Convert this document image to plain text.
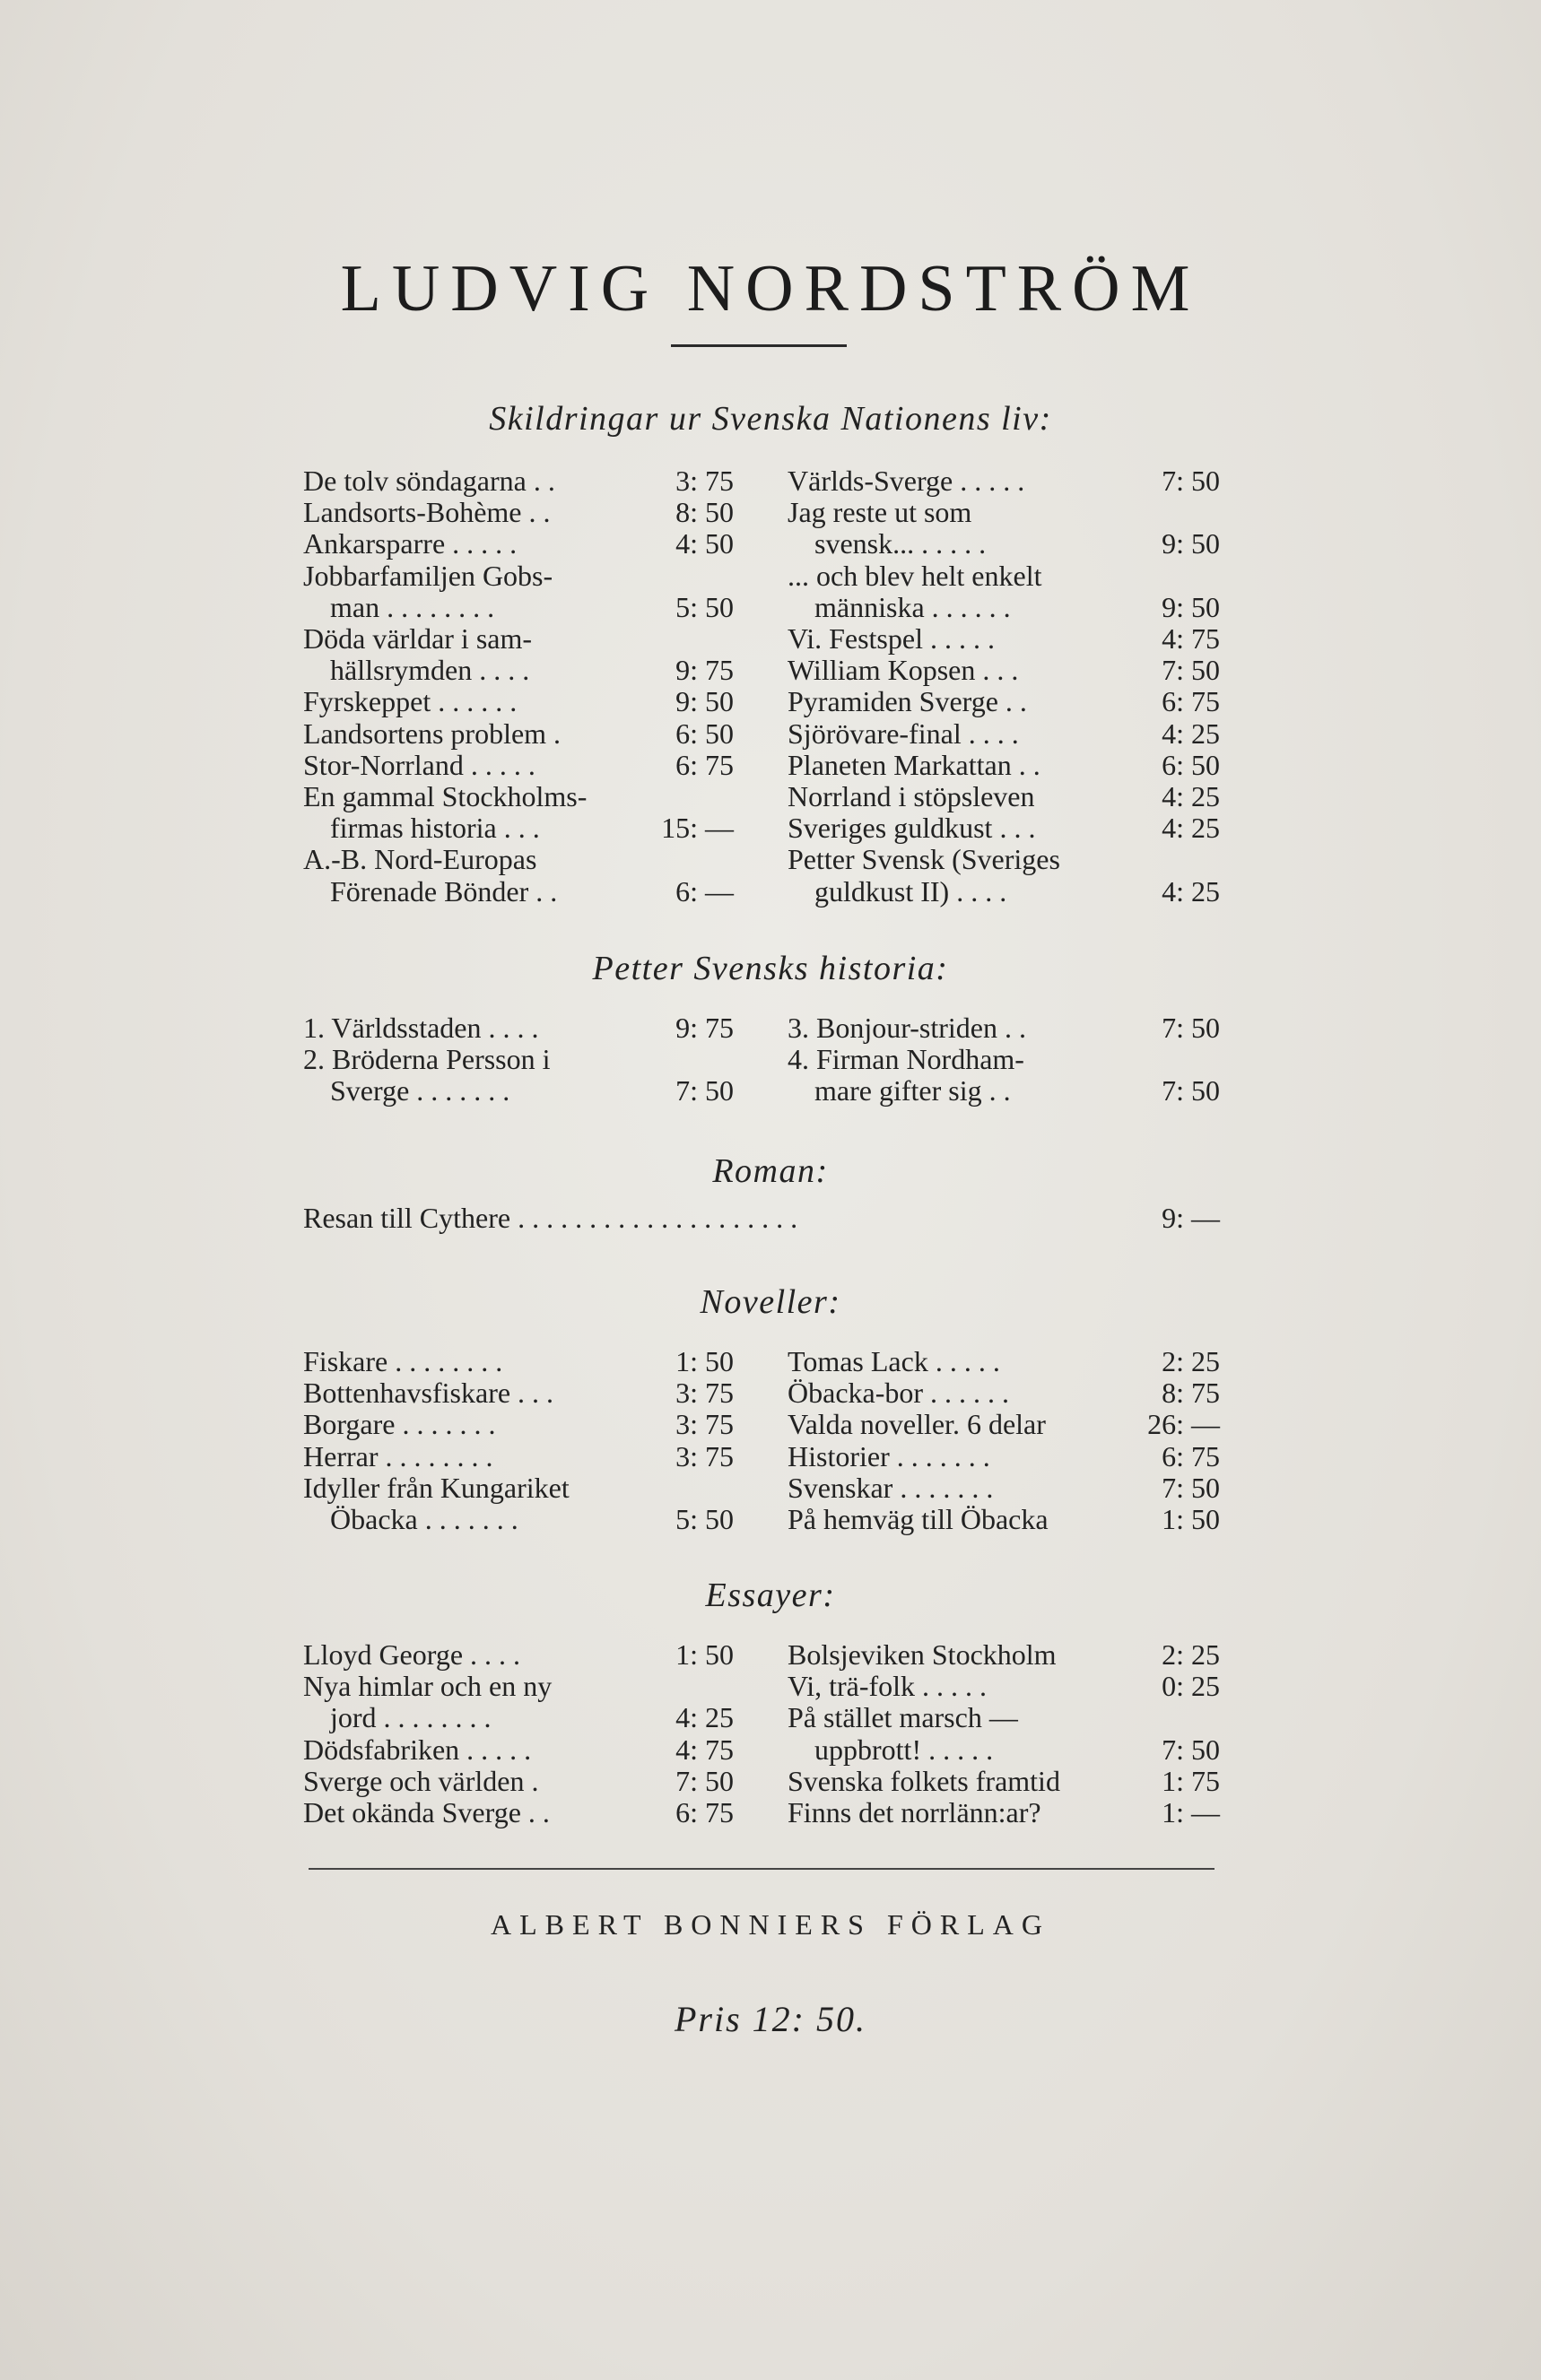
LUDVIG NORDSTRÖM
Skildringar ur Svenska Nationens liv:
De tolv söndagarna . .	3: 75
Landsorts-Bohème . .	8: 50
Ankarsparre . . . . .	4: 50
Jobbarfamiljen Gobs-
man . . . . . . . .	5: 50
Döda världar i sam-
hällsrymden . . . .	9: 75
Fyrskeppet . . . . . .	9: 50
Landsortens problem .	6: 50
Stor-Norrland . . . . .	6: 75
En gammal Stockholms-
firmas historia . . .	15: —
A.-B. Nord-Europas
Förenade Bönder . .	6: —
Världs-Sverge . . . . .	7: 50
Jag reste ut som
svensk... . . . . .	9: 50
... och blev helt enkelt
människa . . . . . .	9: 50
Vi. Festspel . . . . .	4: 75
William Kopsen . . .	7: 50
Pyramiden Sverge . .	6: 75
Sjörövare-final . . . .	4: 25
Planeten Markattan . .	6: 50
Norrland i stöpsleven	4: 25
Sveriges guldkust . . .	4: 25
Petter Svensk (Sveriges
guldkust II) . . . .	4: 25
Petter Svensks historia:
1. Världsstaden . . . .	9: 75
2. Bröderna Persson i
Sverge . . . . . . .	7: 50
3. Bonjour-striden . .	7: 50
4. Firman Nordham-
mare gifter sig . .	7: 50
Roman:
Resan till Cythere . . . . . . . . . . . . . . . . . . . .	9: —
Noveller:
Fiskare . . . . . . . .	1: 50
Bottenhavsfiskare . . .	3: 75
Borgare . . . . . . .	3: 75
Herrar . . . . . . . .	3: 75
Idyller från Kungariket
Öbacka . . . . . . .	5: 50
Tomas Lack . . . . .	2: 25
Öbacka-bor . . . . . .	8: 75
Valda noveller. 6 delar	26: —
Historier . . . . . . .	6: 75
Svenskar . . . . . . .	7: 50
På hemväg till Öbacka	1: 50
Essayer:
Lloyd George . . . .	1: 50
Nya himlar och en ny
jord . . . . . . . .	4: 25
Dödsfabriken . . . . .	4: 75
Sverge och världen .	7: 50
Det okända Sverge . .	6: 75
Bolsjeviken Stockholm	2: 25
Vi, trä-folk . . . . .	0: 25
På stället marsch —
uppbrott! . . . . .	7: 50
Svenska folkets framtid	1: 75
Finns det norrlänn:ar?	1: —
ALBERT BONNIERS FÖRLAG
Pris 12: 50.
